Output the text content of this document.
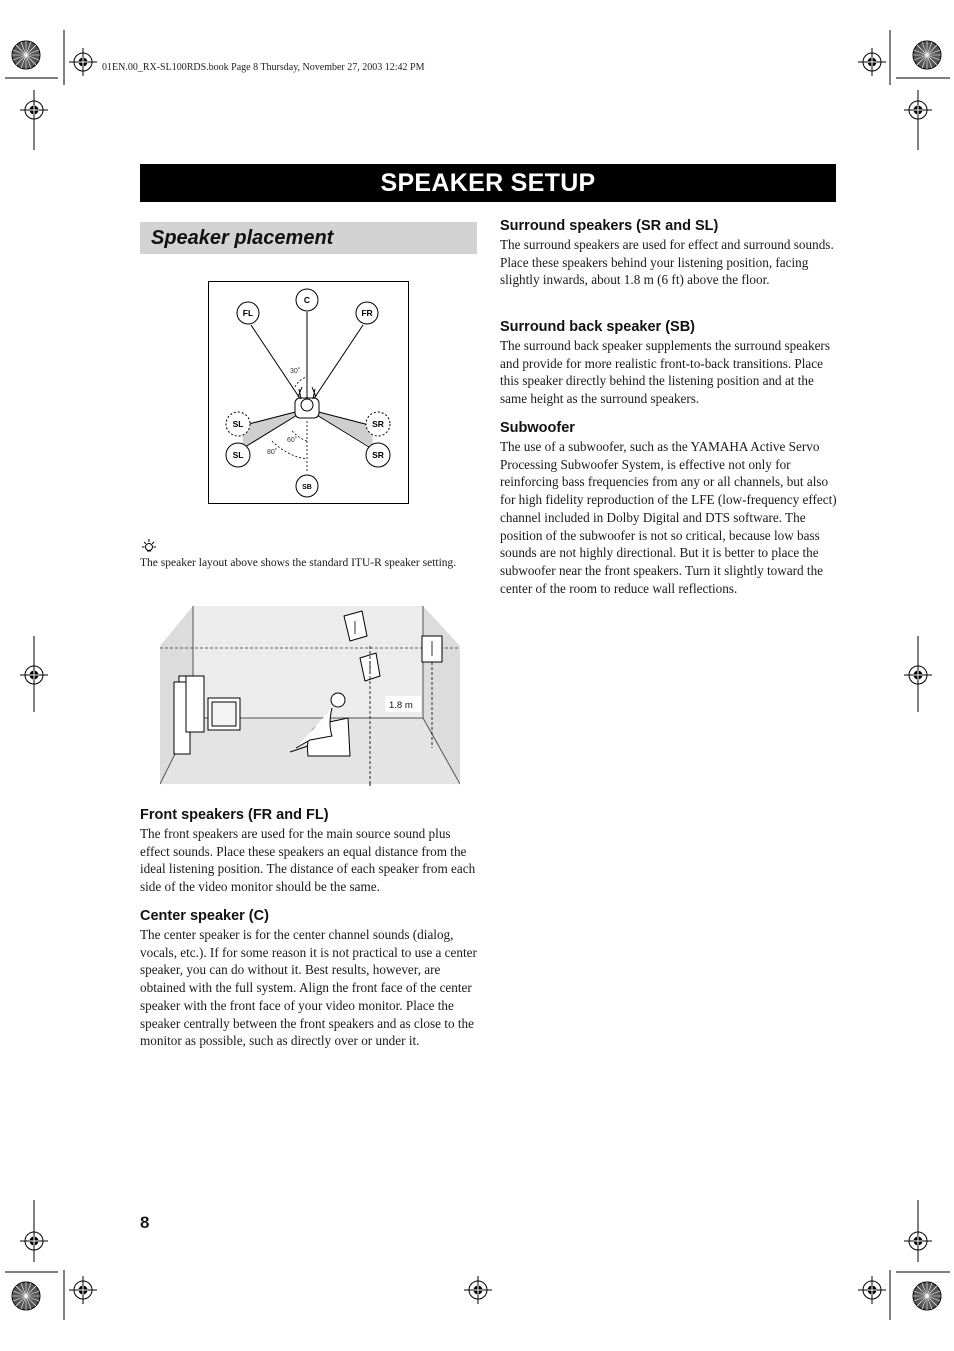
01EN.00_RX-SL100RDS.book Page 8 Thursday, November 27, 2003 12:42 PM
SPEAKER SETUP
Speaker placement
FL
C
FR
SL
SL
SR
SR
SB
30˚
60˚
80˚
The speaker layout above shows the standard ITU-R speaker setting.
1.8 m
Front speakers (FR and FL)

The front speakers are used for the main source sound plus effect sounds. Place these speakers an equal distance from the ideal listening position. The distance of each speaker from each side of the video monitor should be the same.

Center speaker (C)

The center speaker is for the center channel sounds (dialog, vocals, etc.). If for some reason it is not practical to use a center speaker, you can do without it. Best results, however, are obtained with the full system. Align the front face of the center speaker with the front face of your video monitor. Place the speaker centrally between the front speakers and as close to the monitor as possible, such as directly over or under it.

Surround speakers (SR and SL)

The surround speakers are used for effect and surround sounds. Place these speakers behind your listening position, facing slightly inwards, about 1.8 m (6 ft) above the floor.

Surround back speaker (SB)

The surround back speaker supplements the surround speakers and provide for more realistic front-to-back transitions. Place this speaker directly behind the listening position and at the same height as the surround speakers.

Subwoofer

The use of a subwoofer, such as the YAMAHA Active Servo Processing Subwoofer System, is effective not only for reinforcing bass frequencies from any or all channels, but also for high fidelity reproduction of the LFE (low-frequency effect) channel included in Dolby Digital and DTS software. The position of the subwoofer is not so critical, because low bass sounds are not highly directional. But it is better to place the subwoofer near the front speakers. Turn it slightly toward the center of the room to reduce wall reflections.

8
